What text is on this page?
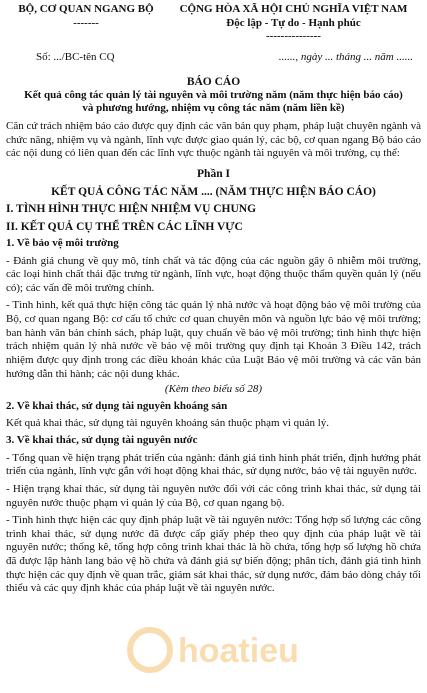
BỘ, CƠ QUAN NGANG BỘ
-------
CỘNG HÒA XÃ HỘI CHỦ NGHĨA VIỆT NAM
Độc lập - Tự do - Hạnh phúc
---------------
Số: .../BC-tên CQ	......, ngày ... tháng ... năm ......
BÁO CÁO
Kết quả công tác quản lý tài nguyên và môi trường năm (năm thực hiện báo cáo)
và phương hướng, nhiệm vụ công tác năm (năm liền kề)

Căn cứ trách nhiệm báo cáo được quy định các văn bản quy phạm, pháp luật chuyên ngành và chức năng, nhiệm vụ và ngành, lĩnh vực được giao quản lý, các bộ, cơ quan ngang Bộ báo cáo các nội dung có liên quan đến các lĩnh vực thuộc ngành tài nguyên và môi trường, cụ thể:

Phần I
KẾT QUẢ CÔNG TÁC NĂM .... (NĂM THỰC HIỆN BÁO CÁO)
I. TÌNH HÌNH THỰC HIỆN NHIỆM VỤ CHUNG
II. KẾT QUẢ CỤ THỂ TRÊN CÁC LĨNH VỰC
1. Về bảo vệ môi trường

- Đánh giá chung về quy mô, tính chất và tác động của các nguồn gây ô nhiễm môi trường, các loại hình chất thải đặc trưng từ ngành, lĩnh vực, hoạt động thuộc thẩm quyền quản lý (nếu có); các vấn đề môi trường chính.

- Tình hình, kết quả thực hiện công tác quản lý nhà nước và hoạt động bảo vệ môi trường của Bộ, cơ quan ngang Bộ: cơ cấu tổ chức cơ quan chuyên môn và nguồn lực bảo vệ môi trường; ban hành văn bản chính sách, pháp luật, quy chuẩn về bảo vệ môi trường; tình hình thực hiện trách nhiệm quản lý nhà nước về bảo vệ môi trường quy định tại Khoản 3 Điều 142, trách nhiệm được quy định trong các điều khoản khác của Luật Bảo vệ môi trường và các văn bản hướng dẫn thi hành; các nội dung khác.

(Kèm theo biểu số 28)
2. Về khai thác, sử dụng tài nguyên khoáng sản

Kết quả khai thác, sử dụng tài nguyên khoáng sản thuộc phạm vi quản lý.

3. Về khai thác, sử dụng tài nguyên nước

- Tổng quan về hiện trạng phát triển của ngành: đánh giá tình hình phát triển, định hướng phát triển của ngành, lĩnh vực gắn với hoạt động khai thác, sử dụng nước, bảo vệ tài nguyên nước.

- Hiện trạng khai thác, sử dụng tài nguyên nước đối với các công trình khai thác, sử dụng tài nguyên nước thuộc phạm vi quản lý của Bộ, cơ quan ngang bộ.

- Tình hình thực hiện các quy định pháp luật về tài nguyên nước: Tổng hợp số lượng các công trình khai thác, sử dụng nước đã được cấp giấy phép theo quy định của pháp luật về tài nguyên nước; thống kê, tổng hợp công trình khai thác là hồ chứa, tổng hợp số lượng hồ chứa đã được lập hành lang bảo vệ hồ chứa và đánh giá sự biến động; phân tích, đánh giá tình hình thực hiện các quy định về quan trắc, giám sát khai thác, sử dụng nước, đảm bảo dòng chảy tối thiểu và các quy định khác của pháp luật về tài nguyên nước.

hoatieu
